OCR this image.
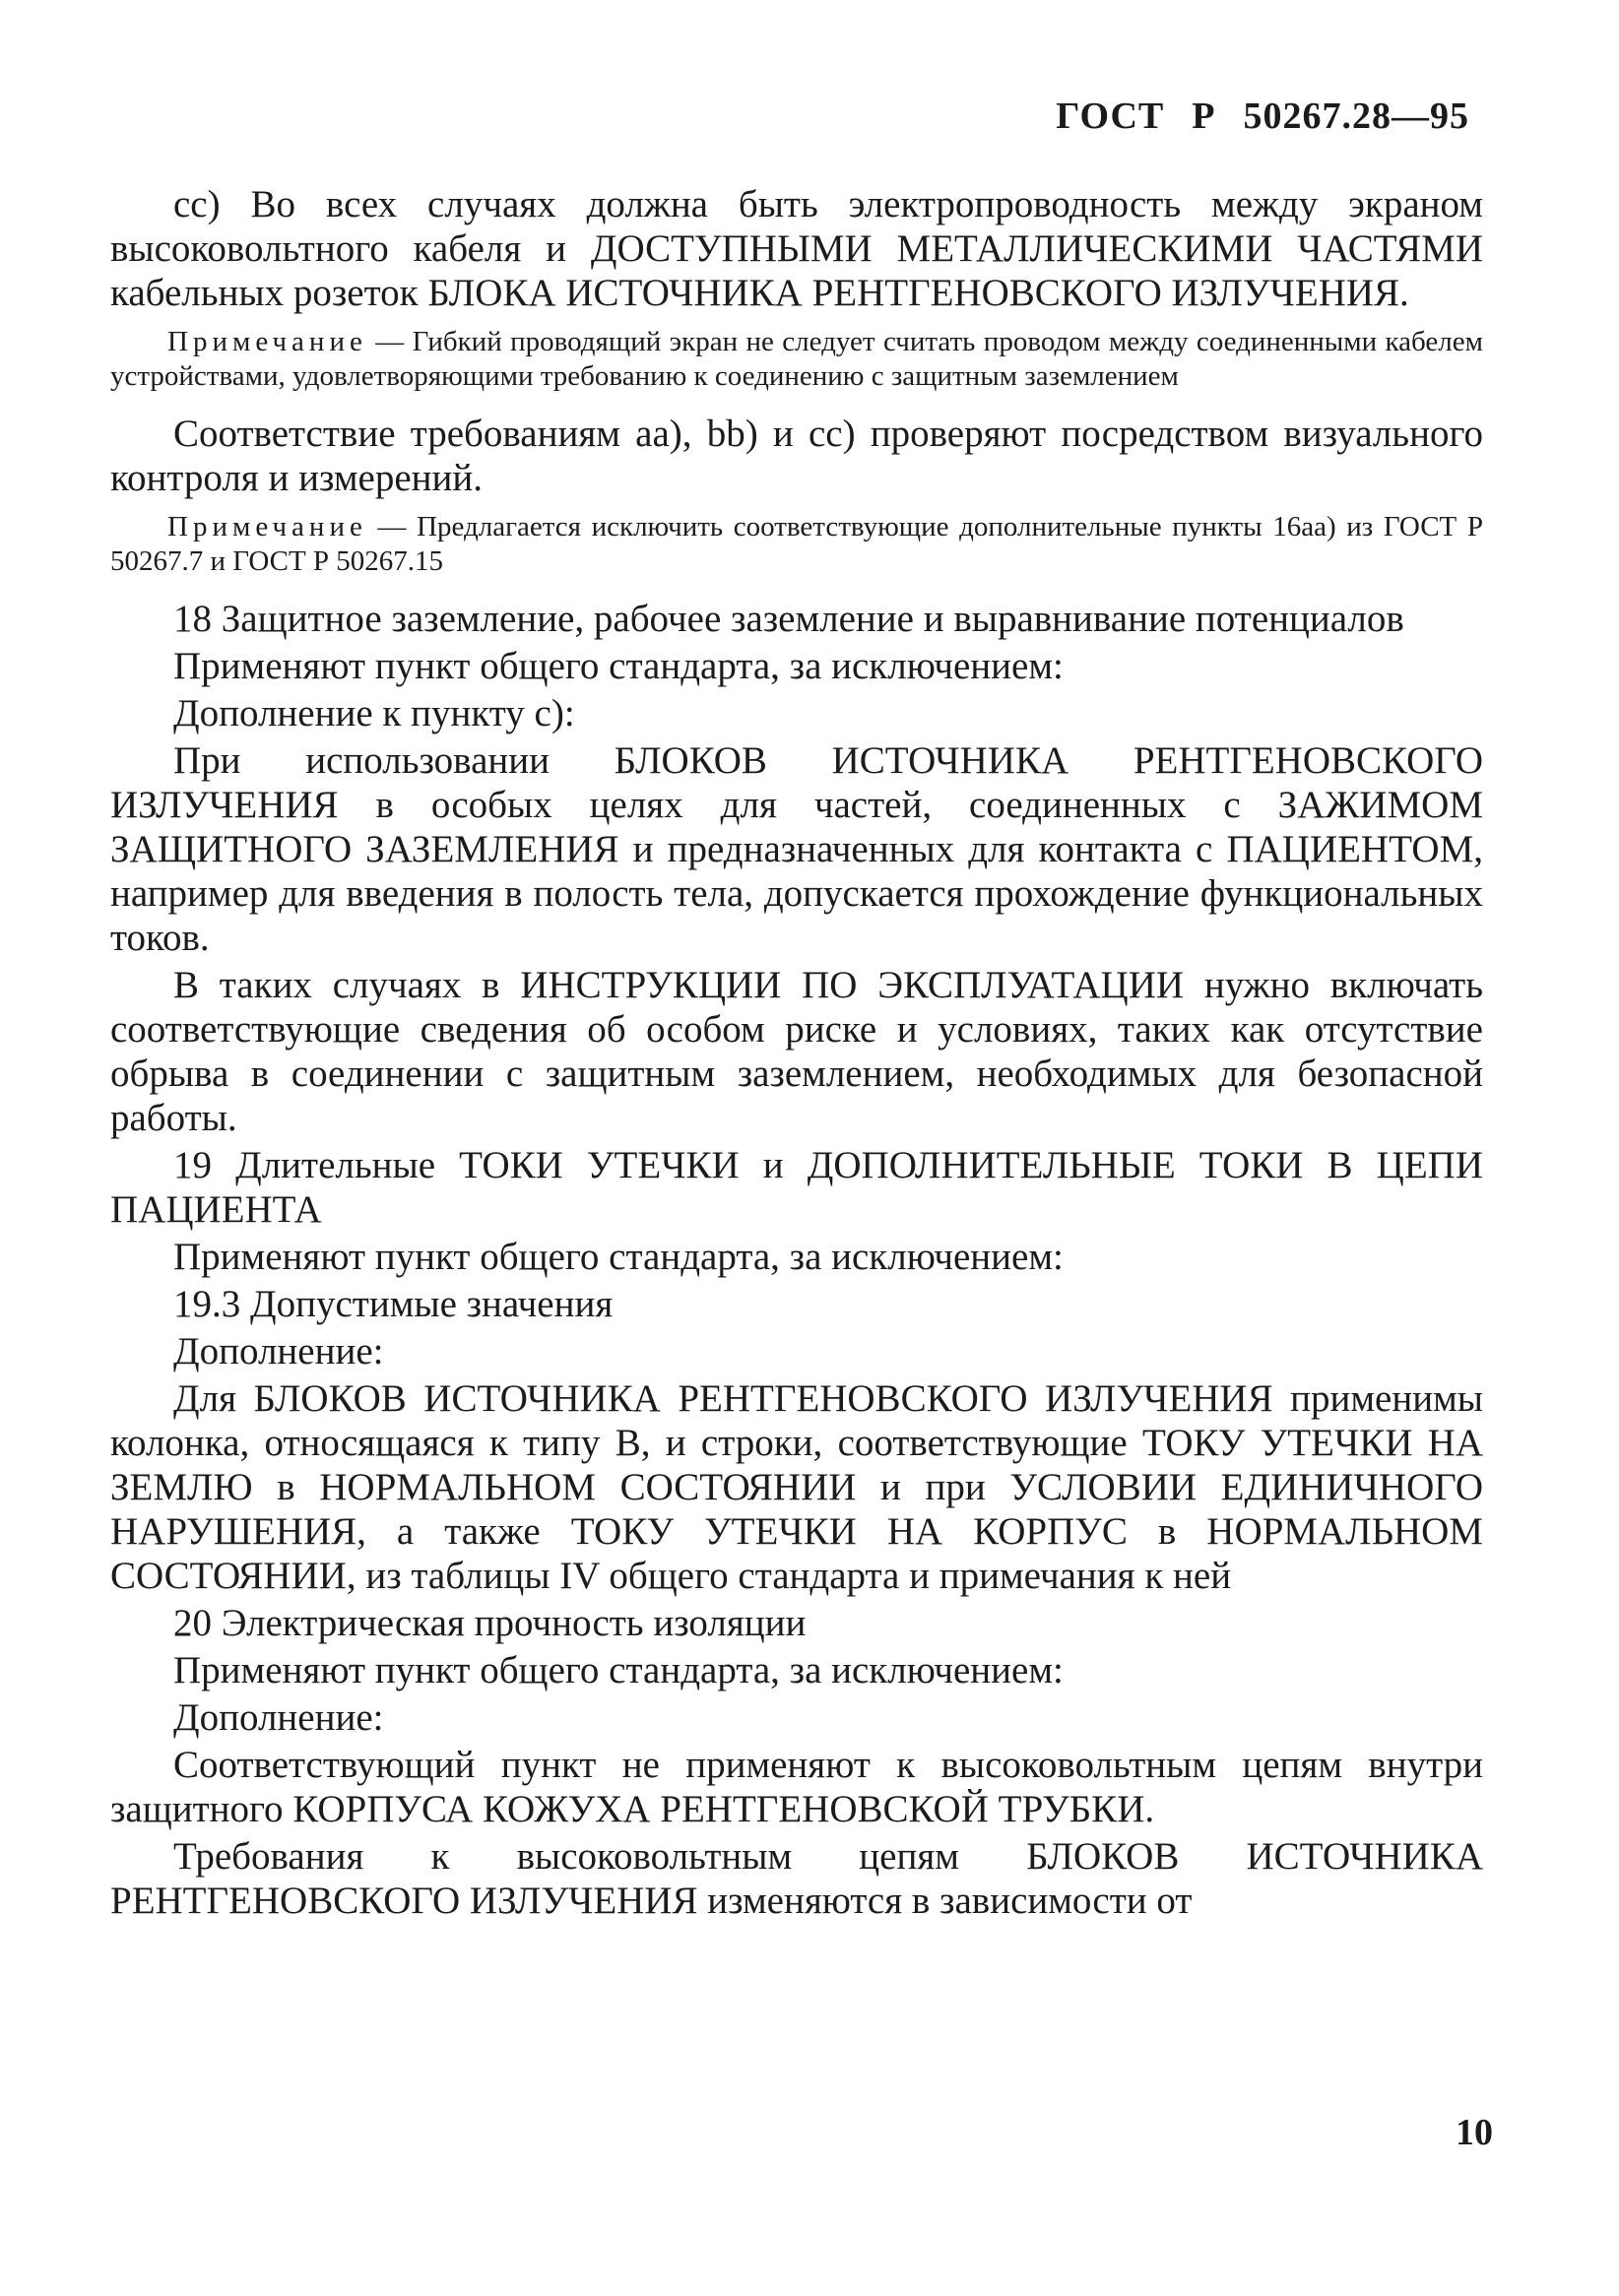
ГОСТ Р 50267.28—95

cc) Во всех случаях должна быть электропроводность между экраном высоковольтного кабеля и ДОСТУПНЫМИ МЕТАЛЛИЧЕСКИМИ ЧАСТЯМИ кабельных розеток БЛОКА ИСТОЧНИКА РЕНТГЕНОВСКОГО ИЗЛУЧЕНИЯ.

Примечание — Гибкий проводящий экран не следует считать проводом между соединенными кабелем устройствами, удовлетворяющими требованию к соединению с защитным заземлением

Соответствие требованиям aa), bb) и cc) проверяют посредством визуального контроля и измерений.

Примечание — Предлагается исключить соответствующие дополнительные пункты 16aa) из ГОСТ Р 50267.7 и ГОСТ Р 50267.15

18 Защитное заземление, рабочее заземление и выравнивание потенциалов

Применяют пункт общего стандарта, за исключением:

Дополнение к пункту с):

При использовании БЛОКОВ ИСТОЧНИКА РЕНТГЕНОВСКОГО ИЗЛУЧЕНИЯ в особых целях для частей, соединенных с ЗАЖИМОМ ЗАЩИТНОГО ЗАЗЕМЛЕНИЯ и предназначенных для контакта с ПАЦИЕНТОМ, например для введения в полость тела, допускается прохождение функциональных токов.

В таких случаях в ИНСТРУКЦИИ ПО ЭКСПЛУАТАЦИИ нужно включать соответствующие сведения об особом риске и условиях, таких как отсутствие обрыва в соединении с защитным заземлением, необходимых для безопасной работы.

19 Длительные ТОКИ УТЕЧКИ и ДОПОЛНИТЕЛЬНЫЕ ТОКИ В ЦЕПИ ПАЦИЕНТА

Применяют пункт общего стандарта, за исключением:

19.3 Допустимые значения

Дополнение:

Для БЛОКОВ ИСТОЧНИКА РЕНТГЕНОВСКОГО ИЗЛУЧЕНИЯ применимы колонка, относящаяся к типу В, и строки, соответствующие ТОКУ УТЕЧКИ НА ЗЕМЛЮ в НОРМАЛЬНОМ СОСТОЯНИИ и при УСЛОВИИ ЕДИНИЧНОГО НАРУШЕНИЯ, а также ТОКУ УТЕЧКИ НА КОРПУС в НОРМАЛЬНОМ СОСТОЯНИИ, из таблицы IV общего стандарта и примечания к ней

20 Электрическая прочность изоляции

Применяют пункт общего стандарта, за исключением:

Дополнение:

Соответствующий пункт не применяют к высоковольтным цепям внутри защитного КОРПУСА КОЖУХА РЕНТГЕНОВСКОЙ ТРУБКИ.

Требования к высоковольтным цепям БЛОКОВ ИСТОЧНИКА РЕНТГЕНОВСКОГО ИЗЛУЧЕНИЯ изменяются в зависимости от

10
